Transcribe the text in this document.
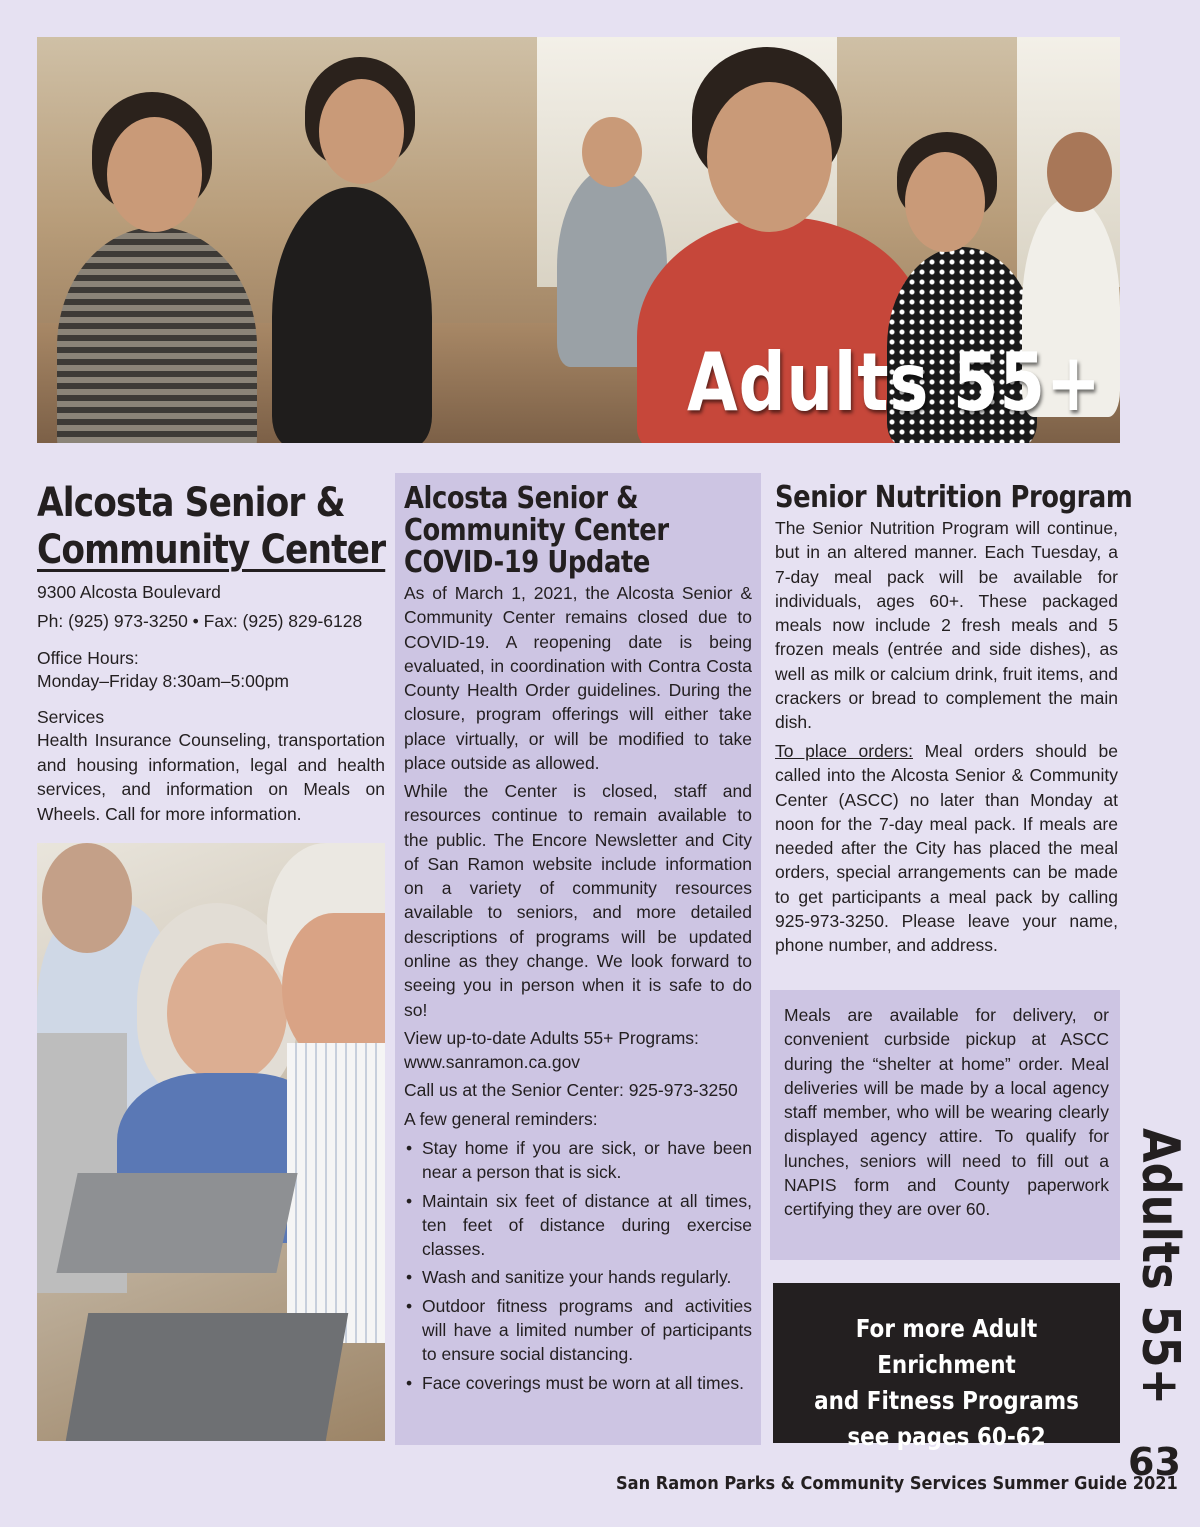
Adults 55+
Alcosta Senior &
Community Center
9300 Alcosta Boulevard
Ph: (925) 973-3250 • Fax: (925) 829-6128
Office Hours:
Monday–Friday 8:30am–5:00pm
Services
Health Insurance Counseling, transportation and housing information, legal and health services, and information on Meals on Wheels. Call for more information.
Alcosta Senior &
Community Center
COVID-19 Update
As of March 1, 2021, the Alcosta Senior & Community Center remains closed due to COVID-19. A reopening date is being evaluated, in coordination with Contra Costa County Health Order guidelines. During the closure, program offerings will either take place virtually, or will be modified to take place outside as allowed.
While the Center is closed, staff and resources continue to remain available to the public. The Encore Newsletter and City of San Ramon website include information on a variety of community resources available to seniors, and more detailed descriptions of programs will be updated online as they change. We look forward to seeing you in person when it is safe to do so!
View up-to-date Adults 55+ Programs: www.sanramon.ca.gov
Call us at the Senior Center: 925-973-3250
A few general reminders:
• Stay home if you are sick, or have been near a person that is sick.
• Maintain six feet of distance at all times, ten feet of distance during exercise classes.
• Wash and sanitize your hands regularly.
• Outdoor fitness programs and activities will have a limited number of participants to ensure social distancing.
• Face coverings must be worn at all times.
Senior Nutrition Program
The Senior Nutrition Program will continue, but in an altered manner. Each Tuesday, a 7-day meal pack will be available for individuals, ages 60+. These packaged meals now include 2 fresh meals and 5 frozen meals (entrée and side dishes), as well as milk or calcium drink, fruit items, and crackers or bread to complement the main dish.
To place orders: Meal orders should be called into the Alcosta Senior & Community Center (ASCC) no later than Monday at noon for the 7-day meal pack. If meals are needed after the City has placed the meal orders, special arrangements can be made to get participants a meal pack by calling 925-973-3250. Please leave your name, phone number, and address.
Meals are available for delivery, or convenient curbside pickup at ASCC during the “shelter at home” order. Meal deliveries will be made by a local agency staff member, who will be wearing clearly displayed agency attire. To qualify for lunches, seniors will need to fill out a NAPIS form and County paperwork certifying they are over 60.
For more Adult Enrichment
and Fitness Programs
see pages 60-62
Adults 55+
63
San Ramon Parks & Community Services Summer Guide 2021
